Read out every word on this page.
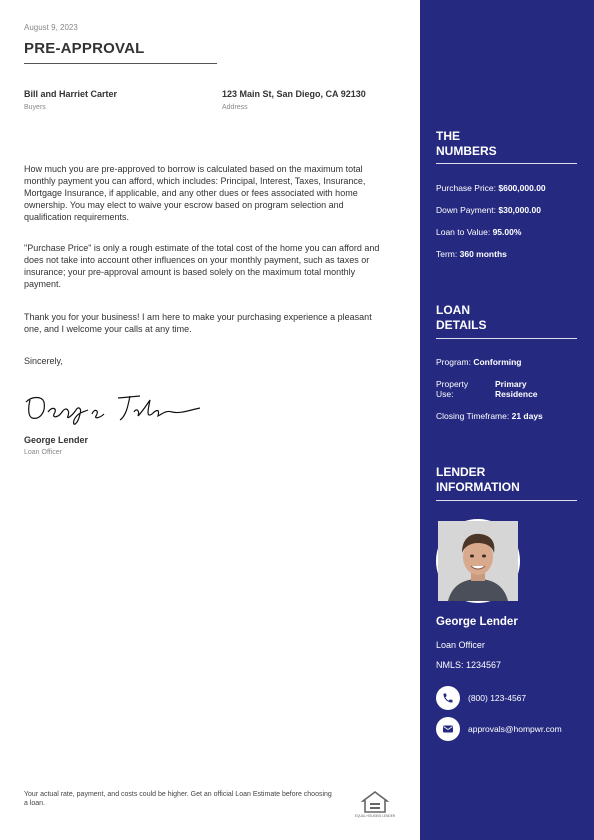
August 9, 2023
PRE-APPROVAL
Bill and Harriet Carter
Buyers
123 Main St, San Diego, CA 92130
Address
How much you are pre-approved to borrow is calculated based on the maximum total monthly payment you can afford, which includes: Principal, Interest, Taxes, Insurance, Mortgage Insurance, if applicable, and any other dues or fees associated with home ownership. You may elect to waive your escrow based on program selection and qualification requirements.
"Purchase Price" is only a rough estimate of the total cost of the home you can afford and does not take into account other influences on your monthly payment, such as taxes or insurance; your pre-approval amount is based solely on the maximum total monthly payment.
Thank you for your business! I am here to make your purchasing experience a pleasant one, and I welcome your calls at any time.
Sincerely,
George Lender
Loan Officer
Your actual rate, payment, and costs could be higher. Get an official Loan Estimate before choosing a loan.
EQUAL HOUSING LENDER
THE
NUMBERS
Purchase Price: $600,000.00
Down Payment: $30,000.00
Loan to Value: 95.00%
Term: 360 months
LOAN
DETAILS
Program: Conforming
Property
Use:
Primary
Residence
Closing Timeframe: 21 days
LENDER
INFORMATION
George Lender
Loan Officer
NMLS: 1234567
(800) 123-4567
approvals@hompwr.com
